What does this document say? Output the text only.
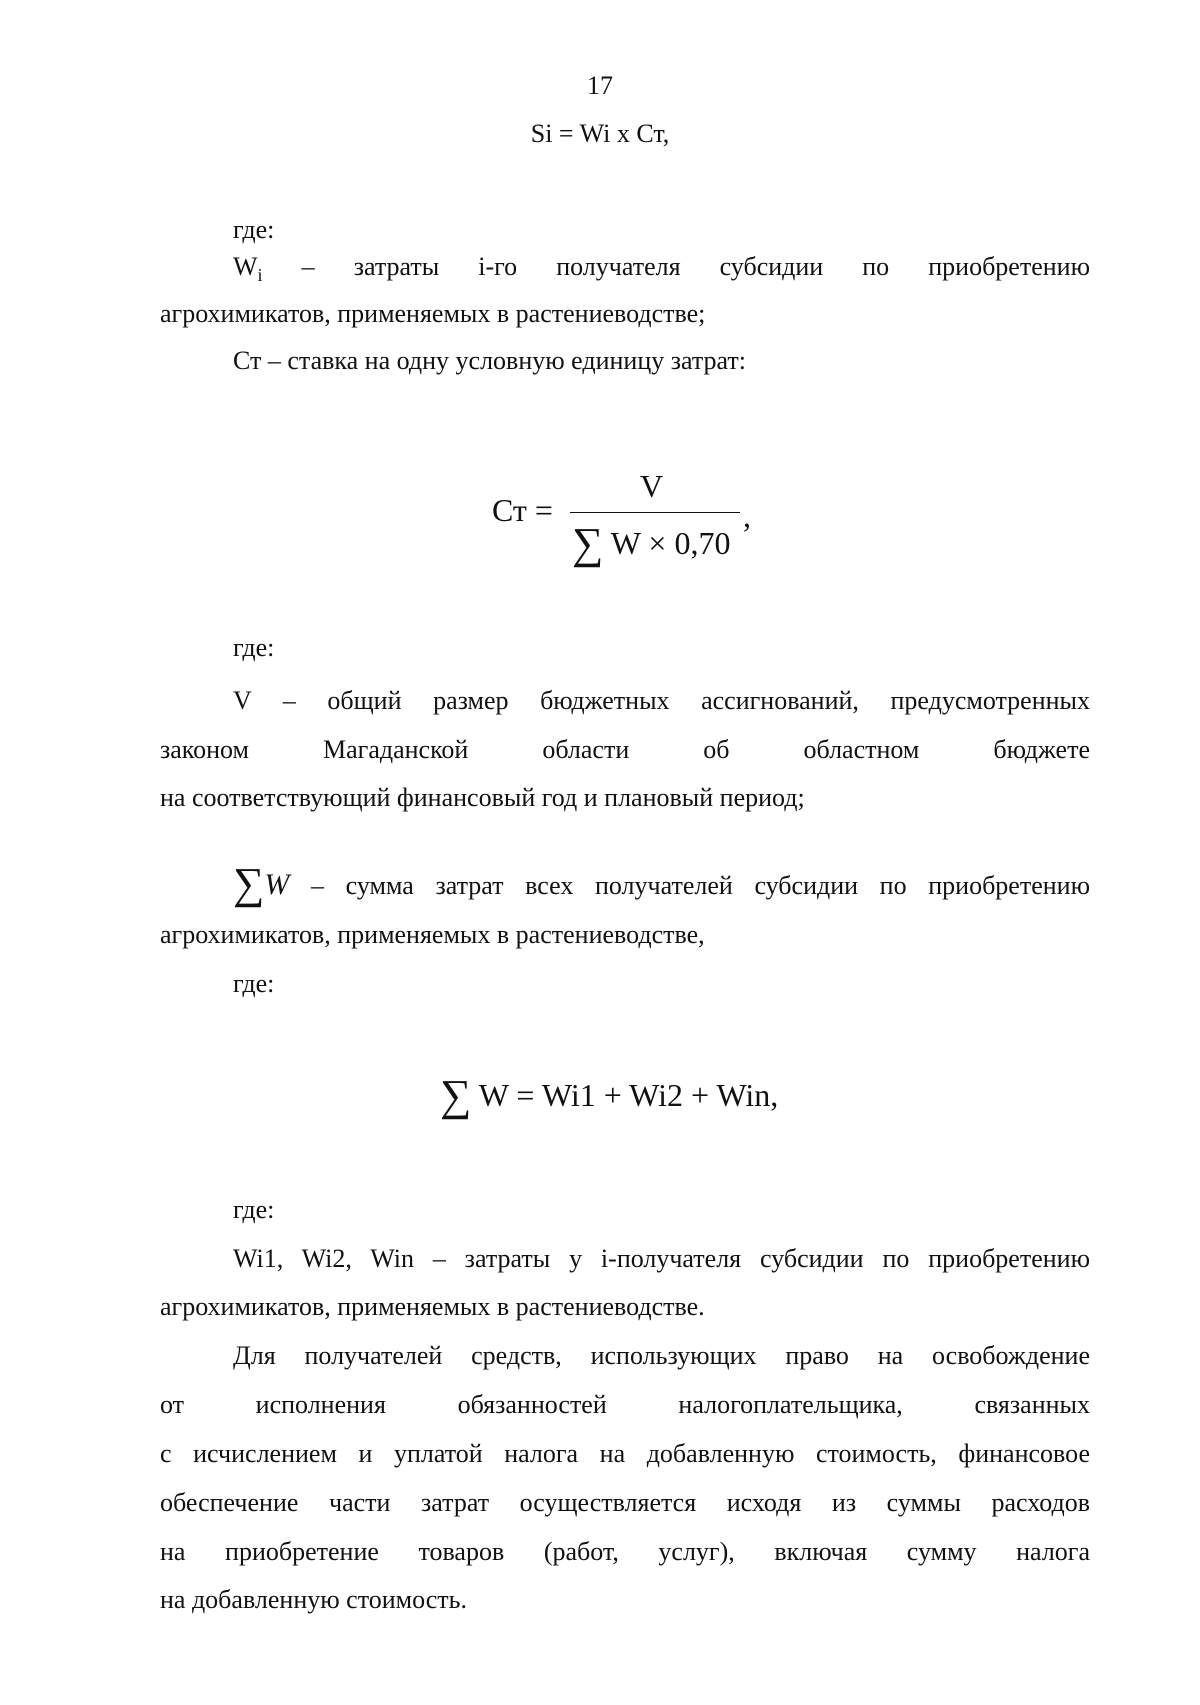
17
Si = Wi x Ст,
где:
$W_i$ – затраты i-го получателя субсидии по приобретению
агрохимикатов, применяемых в растениеводстве;
Ст – ставка на одну условную единицу затрат:
Ст =
V
∑ W × 0,70
,
где:
V – общий размер бюджетных ассигнований, предусмотренных
законом Магаданской области об областном бюджете
на соответствующий финансовый год и плановый период;
∑W – сумма затрат всех получателей субсидии по приобретению
агрохимикатов, применяемых в растениеводстве,
где:
∑ W = Wi1 + Wi2 + Win,
где:
Wi1, Wi2, Win – затраты у i-получателя субсидии по приобретению
агрохимикатов, применяемых в растениеводстве.
Для получателей средств, использующих право на освобождение
от исполнения обязанностей налогоплательщика, связанных
с исчислением и уплатой налога на добавленную стоимость, финансовое
обеспечение части затрат осуществляется исходя из суммы расходов
на приобретение товаров (работ, услуг), включая сумму налога
на добавленную стоимость.
